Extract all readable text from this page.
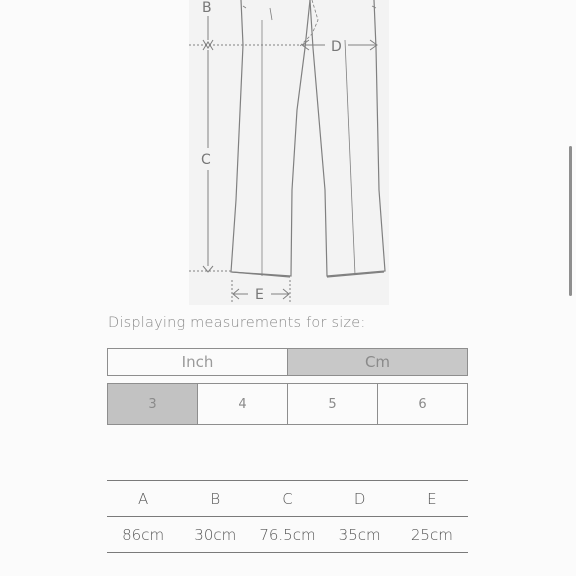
B
C
D
E
Displaying measurements for size:
Inch	Cm
3	4	5	6
A	B	C	D	E
86cm	30cm	76.5cm	35cm	25cm
